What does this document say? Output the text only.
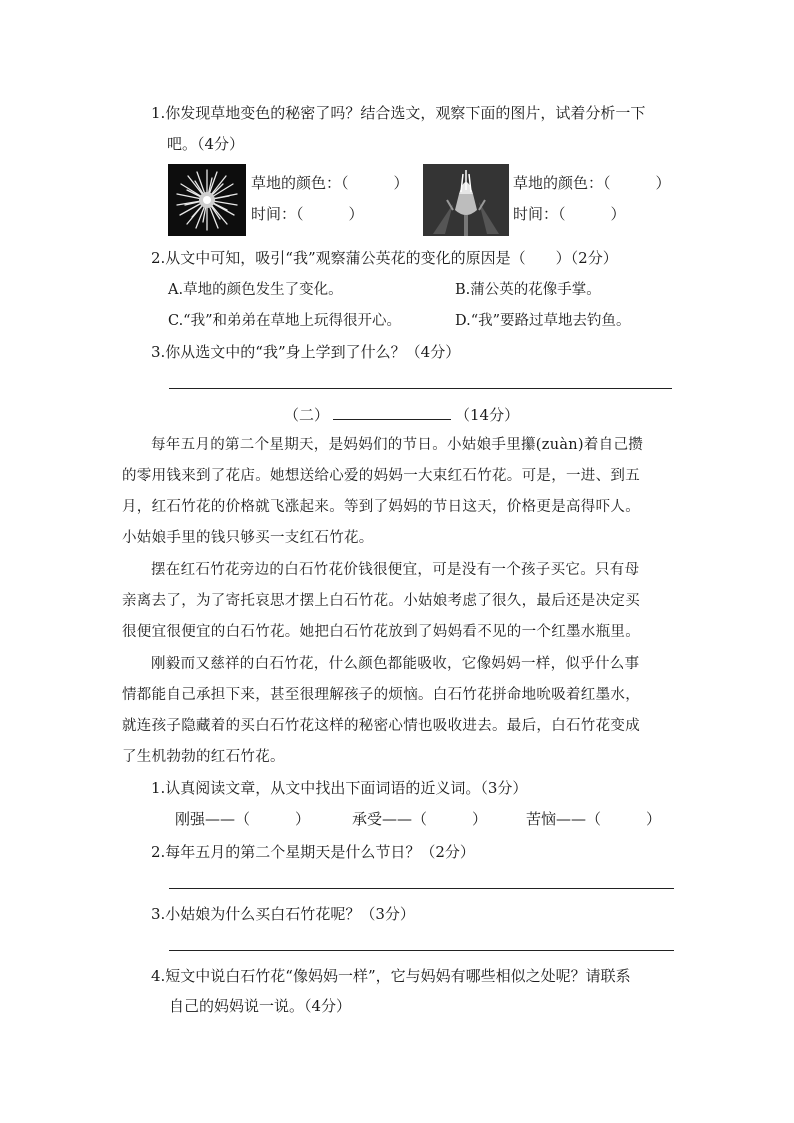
1.你发现草地变色的秘密了吗？结合选文，观察下面的图片，试着分析一下
吧。（4分）
草地的颜色：（　　　）
时间：（　　　）
草地的颜色：（　　　）
时间：（　　　）
2.从文中可知，吸引“我”观察蒲公英花的变化的原因是（　　）（2分）
A.草地的颜色发生了变化。	B.蒲公英的花像手掌。
C.“我”和弟弟在草地上玩得很开心。	D.“我”要路过草地去钓鱼。
3.你从选文中的“我”身上学到了什么？（4分）
（二）	（14分）
每年五月的第二个星期天，是妈妈们的节日。小姑娘手里攥(zuàn)着自己攒
的零用钱来到了花店。她想送给心爱的妈妈一大束红石竹花。可是，一进、到五
月，红石竹花的价格就飞涨起来。等到了妈妈的节日这天，价格更是高得吓人。
小姑娘手里的钱只够买一支红石竹花。
摆在红石竹花旁边的白石竹花价钱很便宜，可是没有一个孩子买它。只有母
亲离去了，为了寄托哀思才摆上白石竹花。小姑娘考虑了很久，最后还是决定买
很便宜很便宜的白石竹花。她把白石竹花放到了妈妈看不见的一个红墨水瓶里。
刚毅而又慈祥的白石竹花，什么颜色都能吸收，它像妈妈一样，似乎什么事
情都能自己承担下来，甚至很理解孩子的烦恼。白石竹花拼命地吮吸着红墨水，
就连孩子隐藏着的买白石竹花这样的秘密心情也吸收进去。最后，白石竹花变成
了生机勃勃的红石竹花。
1.认真阅读文章，从文中找出下面词语的近义词。（3分）
刚强——（　　　）	承受——（　　　）	苦恼——（　　　）
2.每年五月的第二个星期天是什么节日？（2分）
3.小姑娘为什么买白石竹花呢？（3分）
4.短文中说白石竹花“像妈妈一样”，它与妈妈有哪些相似之处呢？请联系
自己的妈妈说一说。（4分）
